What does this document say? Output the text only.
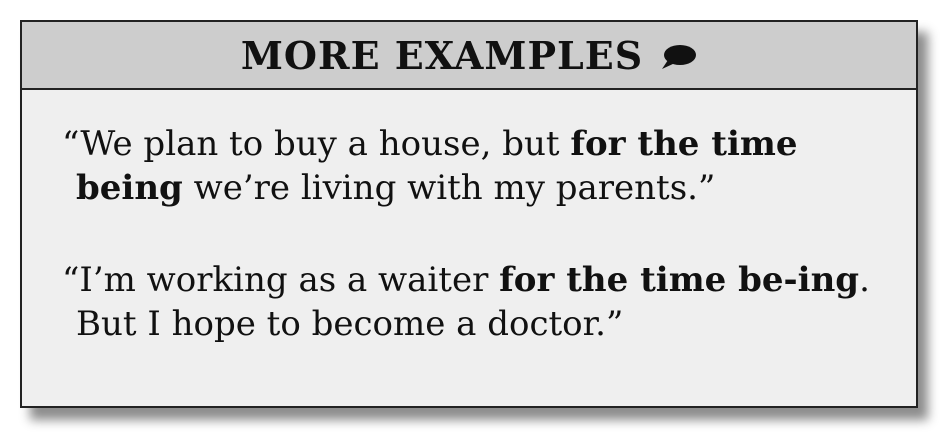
MORE EXAMPLES

“We plan to buy a house, but for the time being we’re living with my parents.”

“I’m working as a waiter for the time be-ing. But I hope to become a doctor.”
